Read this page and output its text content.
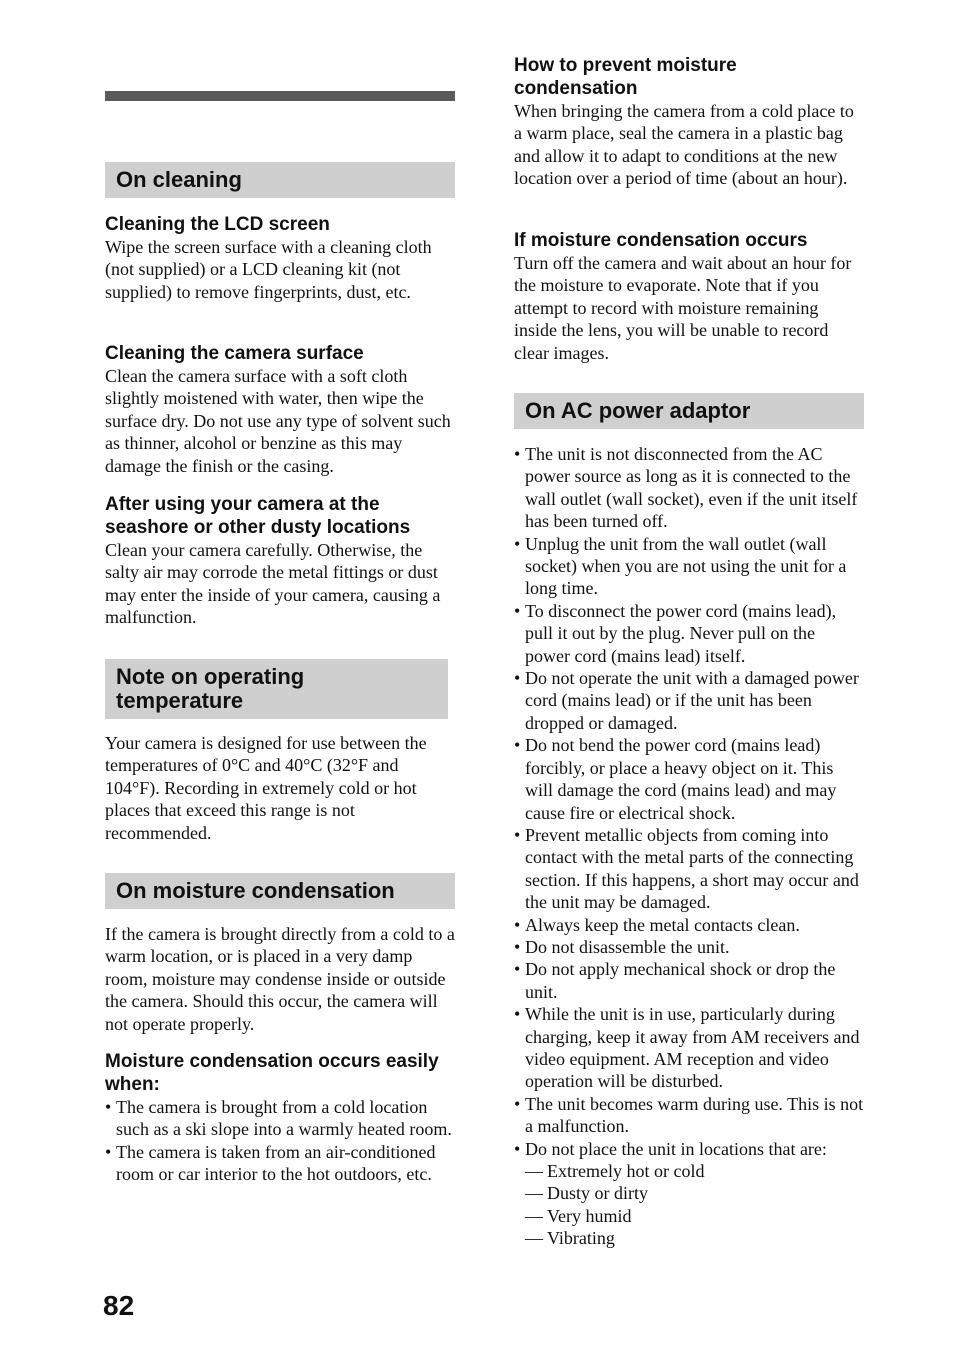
On cleaning

Cleaning the LCD screen

Wipe the screen surface with a cleaning cloth (not supplied) or a LCD cleaning kit (not supplied) to remove fingerprints, dust, etc.

Cleaning the camera surface

Clean the camera surface with a soft cloth slightly moistened with water, then wipe the surface dry. Do not use any type of solvent such as thinner, alcohol or benzine as this may damage the finish or the casing.

After using your camera at the seashore or other dusty locations

Clean your camera carefully. Otherwise, the salty air may corrode the metal fittings or dust may enter the inside of your camera, causing a malfunction.

Note on operating temperature

Your camera is designed for use between the temperatures of 0°C and 40°C (32°F and 104°F). Recording in extremely cold or hot places that exceed this range is not recommended.

On moisture condensation

If the camera is brought directly from a cold to a warm location, or is placed in a very damp room, moisture may condense inside or outside the camera. Should this occur, the camera will not operate properly.

Moisture condensation occurs easily when:

• The camera is brought from a cold location such as a ski slope into a warmly heated room.
• The camera is taken from an air-conditioned room or car interior to the hot outdoors, etc.

How to prevent moisture condensation

When bringing the camera from a cold place to a warm place, seal the camera in a plastic bag and allow it to adapt to conditions at the new location over a period of time (about an hour).

If moisture condensation occurs

Turn off the camera and wait about an hour for the moisture to evaporate. Note that if you attempt to record with moisture remaining inside the lens, you will be unable to record clear images.

On AC power adaptor
• The unit is not disconnected from the AC power source as long as it is connected to the wall outlet (wall socket), even if the unit itself has been turned off.
• Unplug the unit from the wall outlet (wall socket) when you are not using the unit for a long time.
• To disconnect the power cord (mains lead), pull it out by the plug. Never pull on the power cord (mains lead) itself.
• Do not operate the unit with a damaged power cord (mains lead) or if the unit has been dropped or damaged.
• Do not bend the power cord (mains lead) forcibly, or place a heavy object on it. This will damage the cord (mains lead) and may cause fire or electrical shock.
• Prevent metallic objects from coming into contact with the metal parts of the connecting section. If this happens, a short may occur and the unit may be damaged.
• Always keep the metal contacts clean.
• Do not disassemble the unit.
• Do not apply mechanical shock or drop the unit.
• While the unit is in use, particularly during charging, keep it away from AM receivers and video equipment. AM reception and video operation will be disturbed.
• The unit becomes warm during use. This is not a malfunction.
• Do not place the unit in locations that are:
— Extremely hot or cold
— Dusty or dirty
— Very humid
— Vibrating
82
